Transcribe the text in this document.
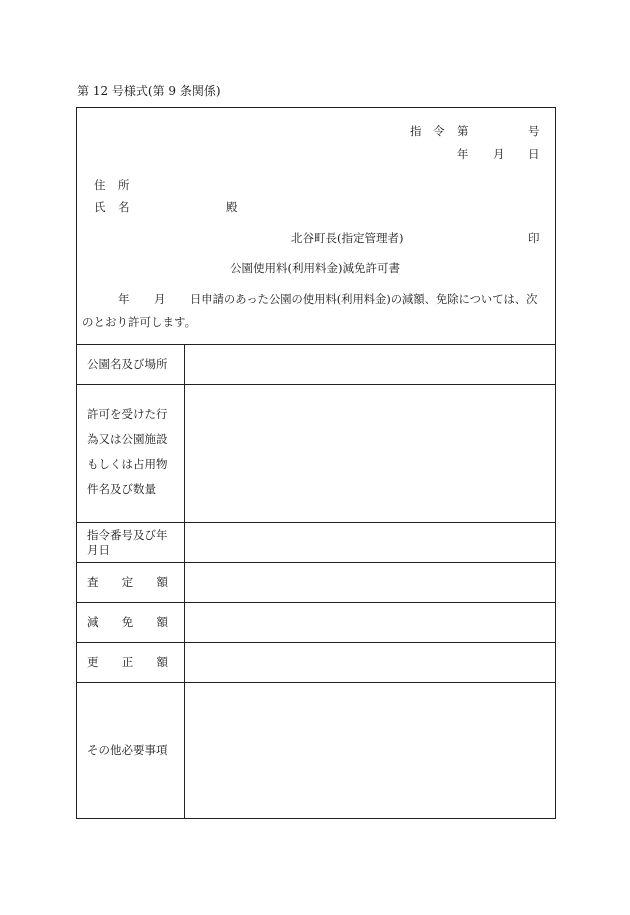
第 12 号様式(第 9 条関係)
指 令 第	号
年 月 日
住 所
氏 名	殿
北谷町長(指定管理者)	印
公園使用料(利用料金)減免許可書
年 月 日申請のあった公園の使用料(利用料金)の減額、免除については、次
のとおり許可します。
公園名及び場所
許可を受けた行
為又は公園施設
もしくは占用物
件名及び数量
指令番号及び年
月日
査 定 額
減 免 額
更 正 額
その他必要事項
